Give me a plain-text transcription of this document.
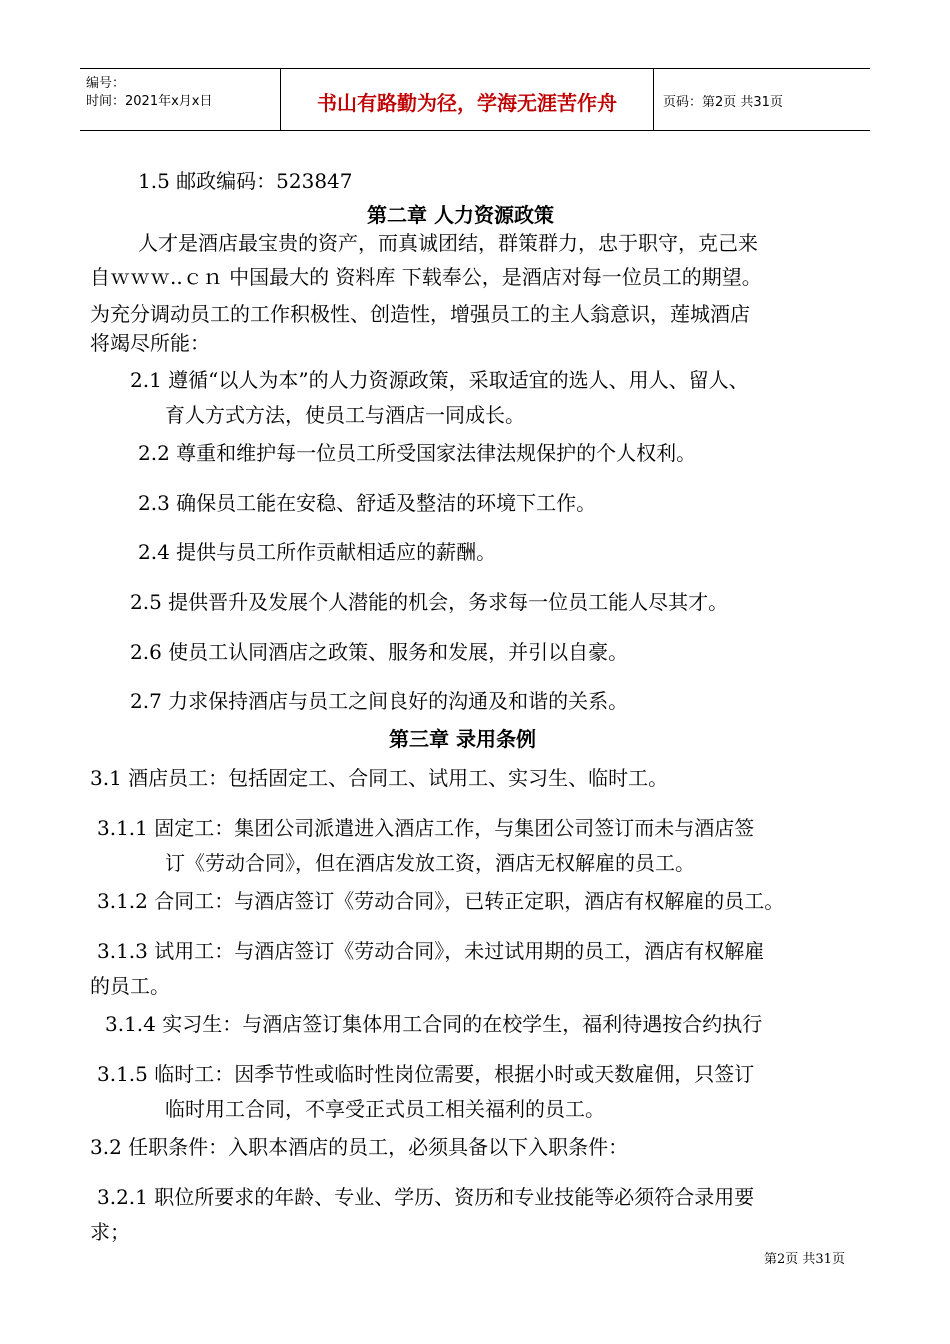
编号：
时间：2021年x月x日	书山有路勤为径，学海无涯苦作舟	页码：第2页 共31页
1.5 邮政编码：523847
第二章 人力资源政策
人才是酒店最宝贵的资产，而真诚团结，群策群力，忠于职守，克己来
自ｗｗｗ..ｃｎ 中国最大的 资料库 下载奉公，是酒店对每一位员工的期望。
为充分调动员工的工作积极性、创造性，增强员工的主人翁意识，莲城酒店
将竭尽所能：
2.1 遵循“以人为本”的人力资源政策，采取适宜的选人、用人、留人、
育人方式方法，使员工与酒店一同成长。
2.2 尊重和维护每一位员工所受国家法律法规保护的个人权利。
2.3 确保员工能在安稳、舒适及整洁的环境下工作。
2.4 提供与员工所作贡献相适应的薪酬。
2.5 提供晋升及发展个人潜能的机会，务求每一位员工能人尽其才。
2.6 使员工认同酒店之政策、服务和发展，并引以自豪。
2.7 力求保持酒店与员工之间良好的沟通及和谐的关系。
第三章 录用条例
3.1 酒店员工：包括固定工、合同工、试用工、实习生、临时工。
3.1.1 固定工：集团公司派遣进入酒店工作，与集团公司签订而未与酒店签
订《劳动合同》，但在酒店发放工资，酒店无权解雇的员工。
3.1.2 合同工：与酒店签订《劳动合同》，已转正定职，酒店有权解雇的员工。
3.1.3 试用工：与酒店签订《劳动合同》，未过试用期的员工，酒店有权解雇
的员工。
3.1.4 实习生：与酒店签订集体用工合同的在校学生，福利待遇按合约执行
3.1.5 临时工：因季节性或临时性岗位需要，根据小时或天数雇佣，只签订
临时用工合同，不享受正式员工相关福利的员工。
3.2 任职条件：入职本酒店的员工，必须具备以下入职条件：
3.2.1 职位所要求的年龄、专业、学历、资历和专业技能等必须符合录用要
求；
第2页 共31页
